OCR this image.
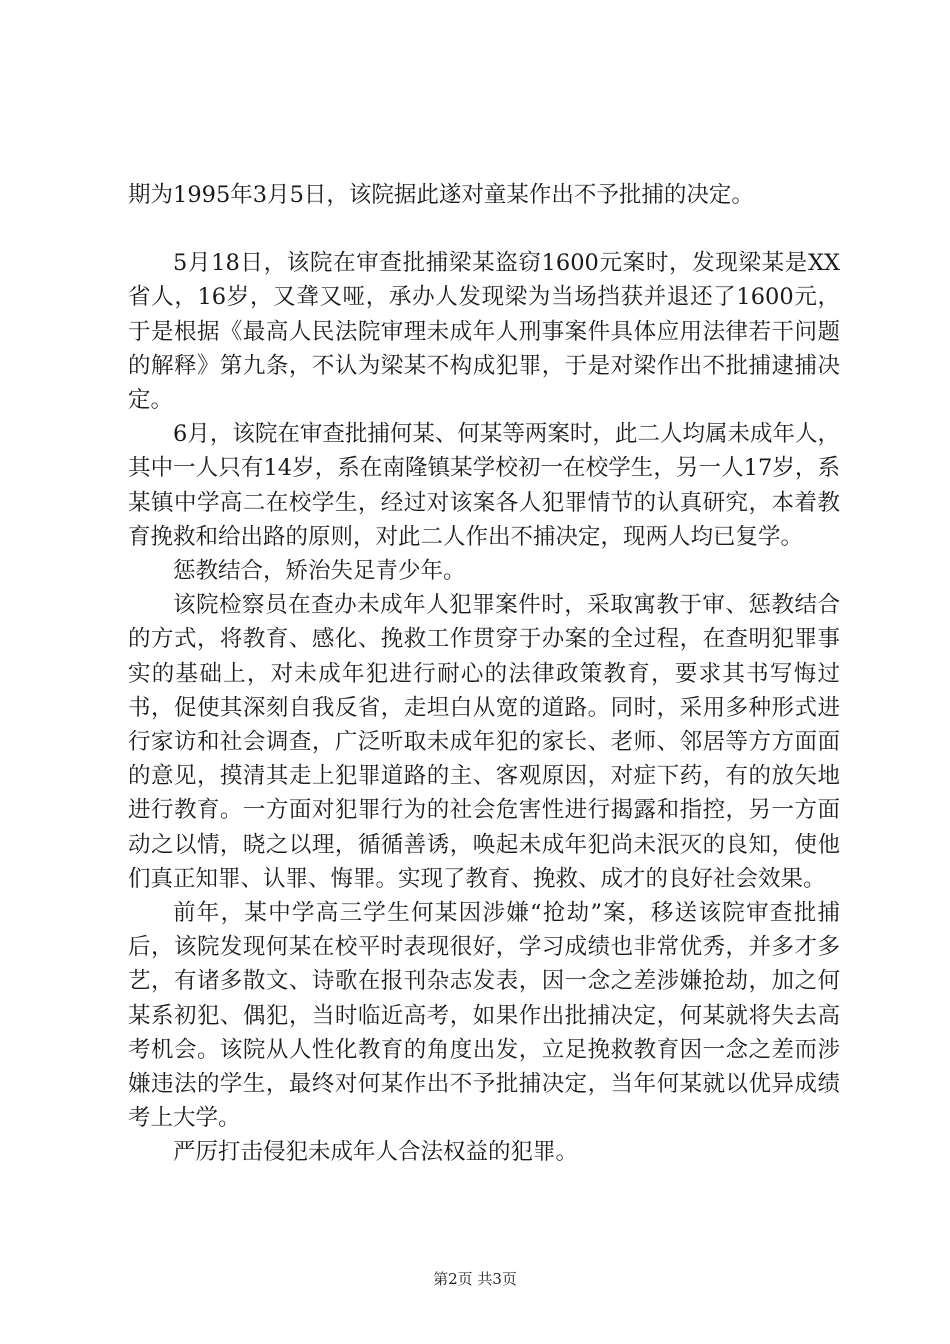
期为1995年3月5日，该院据此遂对童某作出不予批捕的决定。

5月18日，该院在审查批捕梁某盗窃1600元案时，发现梁某是XX省人，16岁，又聋又哑，承办人发现梁为当场挡获并退还了1600元，于是根据《最高人民法院审理未成年人刑事案件具体应用法律若干问题的解释》第九条，不认为梁某不构成犯罪，于是对梁作出不批捕逮捕决定。

6月，该院在审查批捕何某、何某等两案时，此二人均属未成年人，其中一人只有14岁，系在南隆镇某学校初一在校学生，另一人17岁，系某镇中学高二在校学生，经过对该案各人犯罪情节的认真研究，本着教育挽救和给出路的原则，对此二人作出不捕决定，现两人均已复学。

惩教结合，矫治失足青少年。

该院检察员在查办未成年人犯罪案件时，采取寓教于审、惩教结合的方式，将教育、感化、挽救工作贯穿于办案的全过程，在查明犯罪事实的基础上，对未成年犯进行耐心的法律政策教育，要求其书写悔过书，促使其深刻自我反省，走坦白从宽的道路。同时，采用多种形式进行家访和社会调查，广泛听取未成年犯的家长、老师、邻居等方方面面的意见，摸清其走上犯罪道路的主、客观原因，对症下药，有的放矢地进行教育。一方面对犯罪行为的社会危害性进行揭露和指控，另一方面动之以情，晓之以理，循循善诱，唤起未成年犯尚未泯灭的良知，使他们真正知罪、认罪、悔罪。实现了教育、挽救、成才的良好社会效果。

前年，某中学高三学生何某因涉嫌“抢劫”案，移送该院审查批捕后，该院发现何某在校平时表现很好，学习成绩也非常优秀，并多才多艺，有诸多散文、诗歌在报刊杂志发表，因一念之差涉嫌抢劫，加之何某系初犯、偶犯，当时临近高考，如果作出批捕决定，何某就将失去高考机会。该院从人性化教育的角度出发，立足挽救教育因一念之差而涉嫌违法的学生，最终对何某作出不予批捕决定，当年何某就以优异成绩考上大学。

严厉打击侵犯未成年人合法权益的犯罪。

第2页 共3页
